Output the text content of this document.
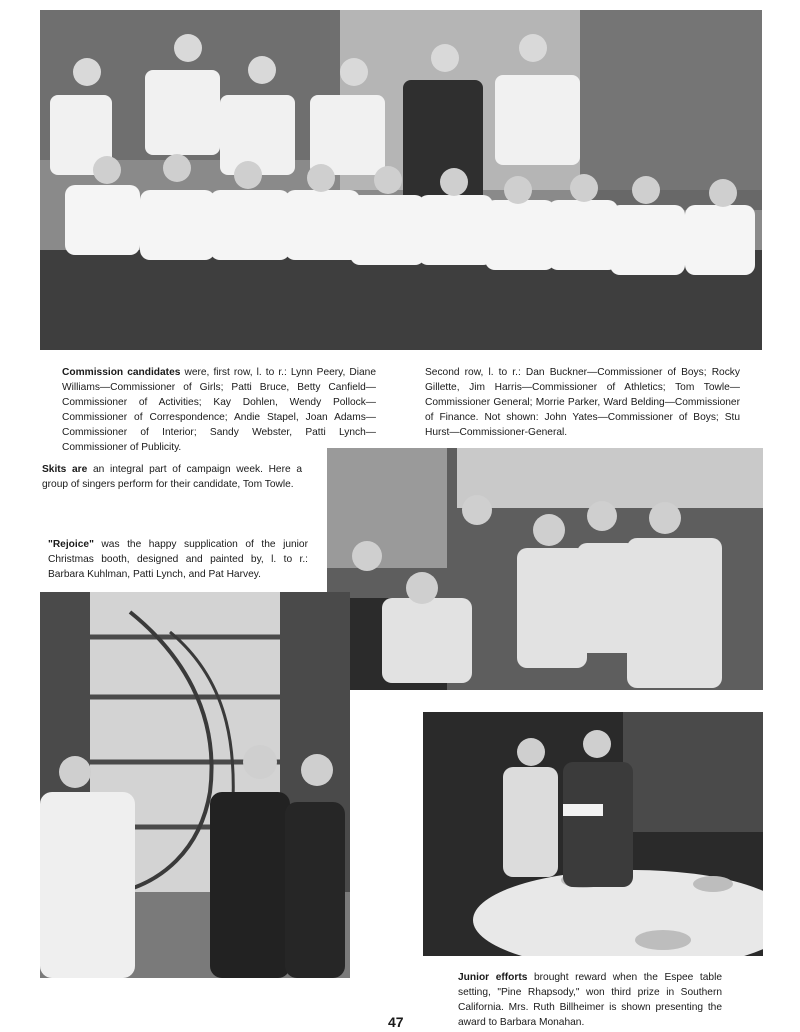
Commission candidates were, first row, l. to r.: Lynn Peery, Diane Williams—Commissioner of Girls; Patti Bruce, Betty Canfield—Commissioner of Activities; Kay Dohlen, Wendy Pollock—Commissioner of Correspondence; Andie Stapel, Joan Adams—Commissioner of Interior; Sandy Webster, Patti Lynch—Commissioner of Publicity.
Second row, l. to r.: Dan Buckner—Commissioner of Boys; Rocky Gillette, Jim Harris—Commissioner of Athletics; Tom Towle—Commissioner General; Morrie Parker, Ward Belding—Commissioner of Finance. Not shown: John Yates—Commissioner of Boys; Stu Hurst—Commissioner-General.
Skits are an integral part of campaign week. Here a group of singers perform for their candidate, Tom Towle.
"Rejoice" was the happy supplication of the junior Christmas booth, designed and painted by, l. to r.: Barbara Kuhlman, Patti Lynch, and Pat Harvey.
Junior efforts brought reward when the Espee table setting, "Pine Rhapsody," won third prize in Southern California. Mrs. Ruth Billheimer is shown presenting the award to Barbara Monahan.
47
